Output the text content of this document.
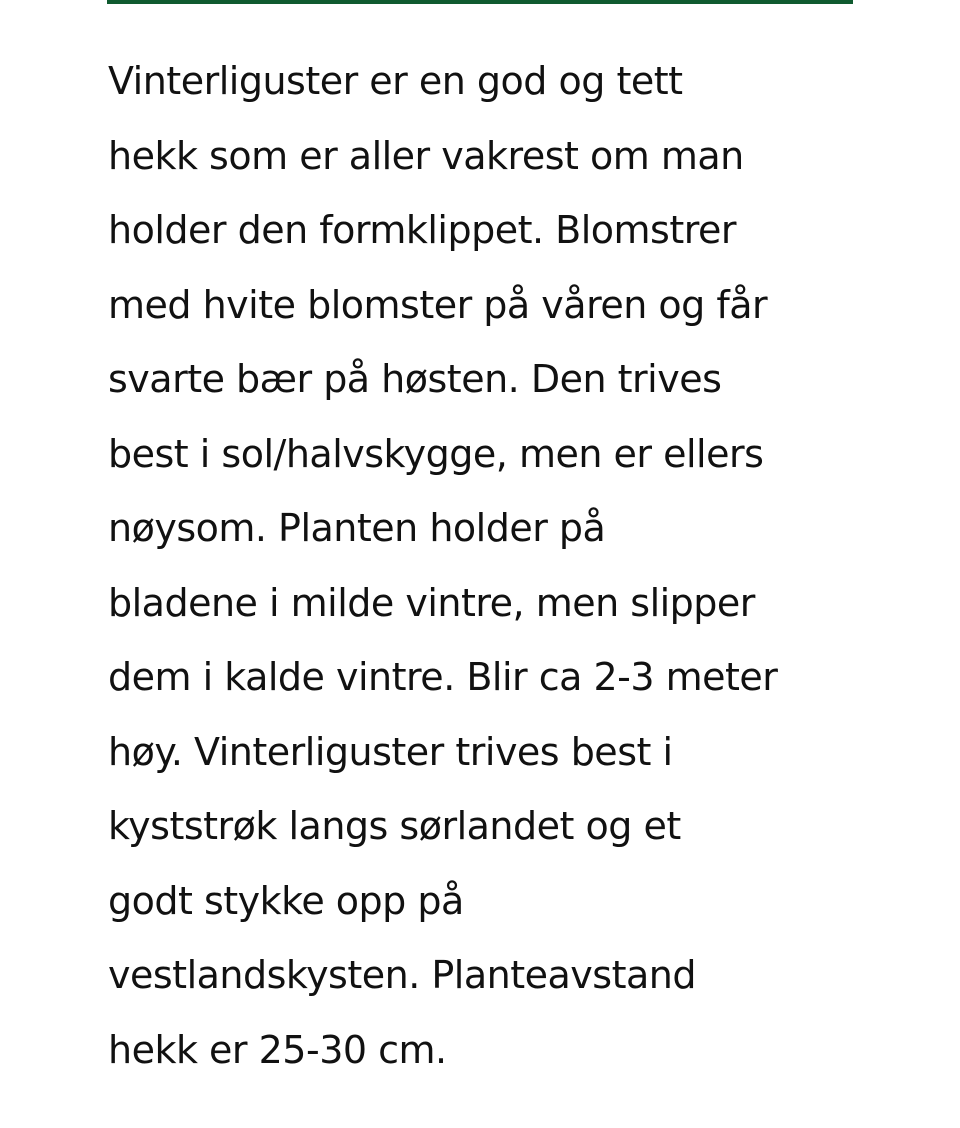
Vinterliguster er en god og tett
hekk som er aller vakrest om man
holder den formklippet. Blomstrer
med hvite blomster på våren og får
svarte bær på høsten. Den trives
best i sol/halvskygge, men er ellers
nøysom. Planten holder på
bladene i milde vintre, men slipper
dem i kalde vintre. Blir ca 2-3 meter
høy. Vinterliguster trives best i
kyststrøk langs sørlandet og et
godt stykke opp på
vestlandskysten. Planteavstand
hekk er 25-30 cm.
